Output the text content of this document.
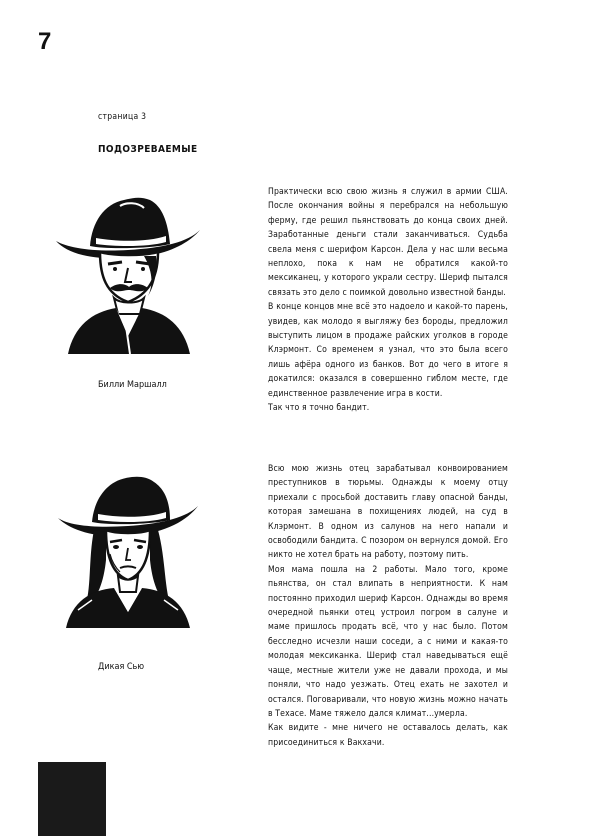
7
страница 3
ПОДОЗРЕВАЕМЫЕ
Билли Маршалл

Практически всю свою жизнь я служил в армии США. После окончания войны я перебрался на небольшую ферму, где решил пьянствовать до конца своих дней. Заработанные деньги стали заканчиваться. Судьба свела меня с шерифом Карсон. Дела у нас шли весьма неплохо, пока к нам не обратился какой-то мексиканец, у которого украли сестру. Шериф пытался связать это дело с поимкой довольно известной банды.

В конце концов мне всё это надоело и какой-то парень, увидев, как молодо я выгляжу без бороды, предложил выступить лицом в продаже райских уголков в городе Клэрмонт. Со временем я узнал, что это была всего лишь афёра одного из банков. Вот до чего в итоге я докатился: оказался в совершенно гиблом месте, где единственное развлечение игра в кости.

Так что я точно бандит.

Дикая Сью

Всю мою жизнь отец зарабатывал конвоированием преступников в тюрьмы. Однажды к моему отцу приехали с просьбой доставить главу опасной банды, которая замешана в похищениях людей, на суд в Клэрмонт. В одном из салунов на него напали и освободили бандита. С позором он вернулся домой. Его никто не хотел брать на работу, поэтому пить.

Моя мама пошла на 2 работы. Мало того, кроме пьянства, он стал влипать в неприятности. К нам постоянно приходил шериф Карсон. Однажды во время очередной пьянки отец устроил погром в салуне и маме пришлось продать всё, что у нас было. Потом бесследно исчезли наши соседи, а с ними и какая-то молодая мексиканка. Шериф стал наведываться ещё чаще, местные жители уже не давали прохода, и мы поняли, что надо уезжать. Отец ехать не захотел и остался. Поговаривали, что новую жизнь можно начать в Техасе. Маме тяжело дался климат...умерла.

Как видите - мне ничего не оставалось делать, как присоединиться к Вакхачи.
